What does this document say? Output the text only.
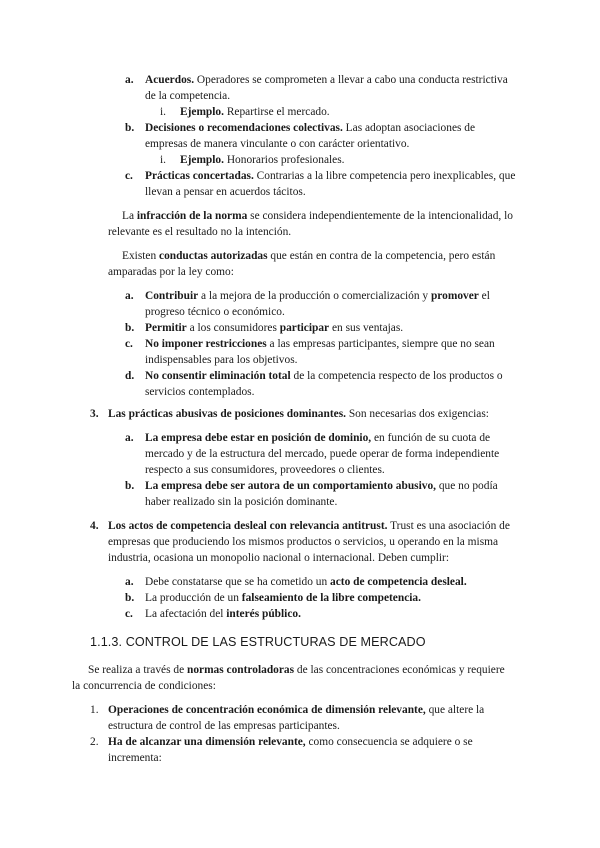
a. Acuerdos. Operadores se comprometen a llevar a cabo una conducta restrictiva de la competencia.
i. Ejemplo. Repartirse el mercado.
b. Decisiones o recomendaciones colectivas. Las adoptan asociaciones de empresas de manera vinculante o con carácter orientativo.
i. Ejemplo. Honorarios profesionales.
c. Prácticas concertadas. Contrarias a la libre competencia pero inexplicables, que llevan a pensar en acuerdos tácitos.
La infracción de la norma se considera independientemente de la intencionalidad, lo relevante es el resultado no la intención.
Existen conductas autorizadas que están en contra de la competencia, pero están amparadas por la ley como:
a. Contribuir a la mejora de la producción o comercialización y promover el progreso técnico o económico.
b. Permitir a los consumidores participar en sus ventajas.
c. No imponer restricciones a las empresas participantes, siempre que no sean indispensables para los objetivos.
d. No consentir eliminación total de la competencia respecto de los productos o servicios contemplados.
3. Las prácticas abusivas de posiciones dominantes. Son necesarias dos exigencias:
a. La empresa debe estar en posición de dominio, en función de su cuota de mercado y de la estructura del mercado, puede operar de forma independiente respecto a sus consumidores, proveedores o clientes.
b. La empresa debe ser autora de un comportamiento abusivo, que no podía haber realizado sin la posición dominante.
4. Los actos de competencia desleal con relevancia antitrust. Trust es una asociación de empresas que produciendo los mismos productos o servicios, u operando en la misma industria, ocasiona un monopolio nacional o internacional. Deben cumplir:
a. Debe constatarse que se ha cometido un acto de competencia desleal.
b. La producción de un falseamiento de la libre competencia.
c. La afectación del interés público.
1.1.3. CONTROL DE LAS ESTRUCTURAS DE MERCADO
Se realiza a través de normas controladoras de las concentraciones económicas y requiere la concurrencia de condiciones:
1. Operaciones de concentración económica de dimensión relevante, que altere la estructura de control de las empresas participantes.
2. Ha de alcanzar una dimensión relevante, como consecuencia se adquiere o se incrementa:
